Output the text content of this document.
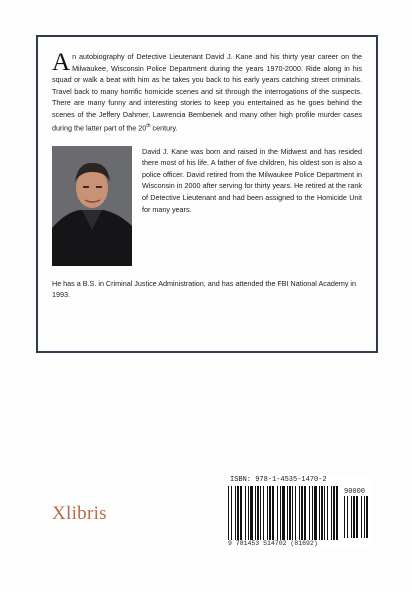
An autobiography of Detective Lieutenant David J. Kane and his thirty year career on the Milwaukee, Wisconsin Police Department during the years 1970-2000. Ride along in his squad or walk a beat with him as he takes you back to his early years catching street criminals. Travel back to many horrific homicide scenes and sit through the interrogations of the suspects. There are many funny and interesting stories to keep you entertained as he goes behind the scenes of the Jeffery Dahmer, Lawrencia Bembenek and many other high profile murder cases during the latter part of the 20th century.

David J. Kane was born and raised in the Midwest and has resided there most of his life. A father of five children, his oldest son is also a police officer. David retired from the Milwaukee Police Department in Wisconsin in 2000 after serving for thirty years. He retired at the rank of Detective Lieutenant and had been assigned to the Homicide Unit for many years.

He has a B.S. in Criminal Justice Administration, and has attended the FBI National Academy in 1993.

Xlibris
ISBN: 978-1-4535-1470-2
90000
9 781453 514702 (81692)
